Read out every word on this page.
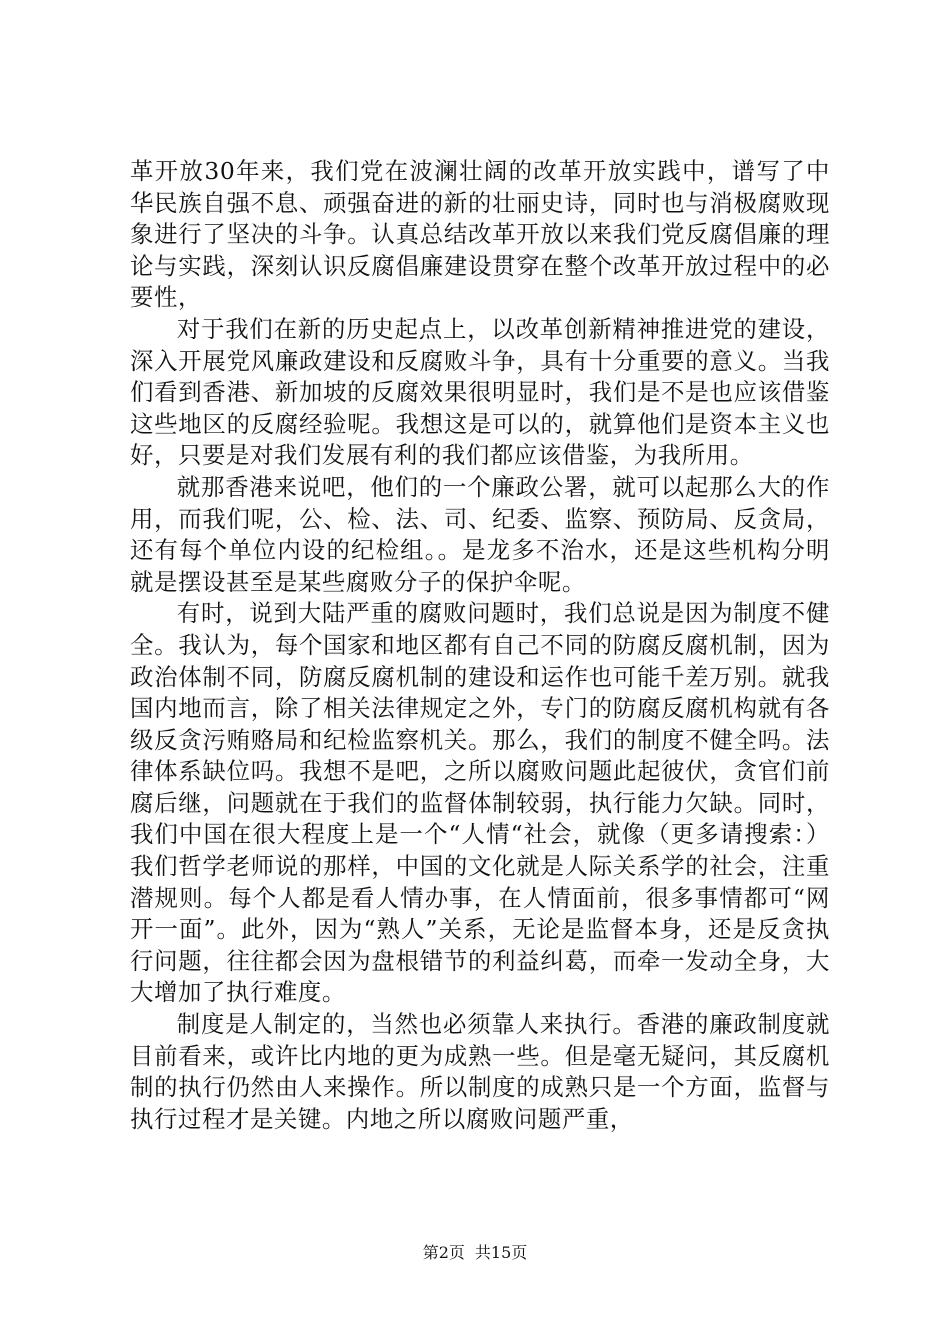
革开放30年来，我们党在波澜壮阔的改革开放实践中，谱写了中华民族自强不息、顽强奋进的新的壮丽史诗，同时也与消极腐败现象进行了坚决的斗争。认真总结改革开放以来我们党反腐倡廉的理论与实践，深刻认识反腐倡廉建设贯穿在整个改革开放过程中的必要性，

对于我们在新的历史起点上，以改革创新精神推进党的建设，深入开展党风廉政建设和反腐败斗争，具有十分重要的意义。当我们看到香港、新加坡的反腐效果很明显时，我们是不是也应该借鉴这些地区的反腐经验呢。我想这是可以的，就算他们是资本主义也好，只要是对我们发展有利的我们都应该借鉴，为我所用。

就那香港来说吧，他们的一个廉政公署，就可以起那么大的作用，而我们呢，公、检、法、司、纪委、监察、预防局、反贪局，还有每个单位内设的纪检组。。是龙多不治水，还是这些机构分明就是摆设甚至是某些腐败分子的保护伞呢。

有时，说到大陆严重的腐败问题时，我们总说是因为制度不健全。我认为，每个国家和地区都有自己不同的防腐反腐机制，因为政治体制不同，防腐反腐机制的建设和运作也可能千差万别。就我国内地而言，除了相关法律规定之外，专门的防腐反腐机构就有各级反贪污贿赂局和纪检监察机关。那么，我们的制度不健全吗。法律体系缺位吗。我想不是吧，之所以腐败问题此起彼伏，贪官们前腐后继，问题就在于我们的监督体制较弱，执行能力欠缺。同时，我们中国在很大程度上是一个“人情“社会，就像（更多请搜索：）我们哲学老师说的那样，中国的文化就是人际关系学的社会，注重潜规则。每个人都是看人情办事，在人情面前，很多事情都可“网开一面”。此外，因为“熟人”关系，无论是监督本身，还是反贪执行问题，往往都会因为盘根错节的利益纠葛，而牵一发动全身，大大增加了执行难度。

制度是人制定的，当然也必须靠人来执行。香港的廉政制度就目前看来，或许比内地的更为成熟一些。但是毫无疑问，其反腐机制的执行仍然由人来操作。所以制度的成熟只是一个方面，监督与执行过程才是关键。内地之所以腐败问题严重，

第2页 共15页
